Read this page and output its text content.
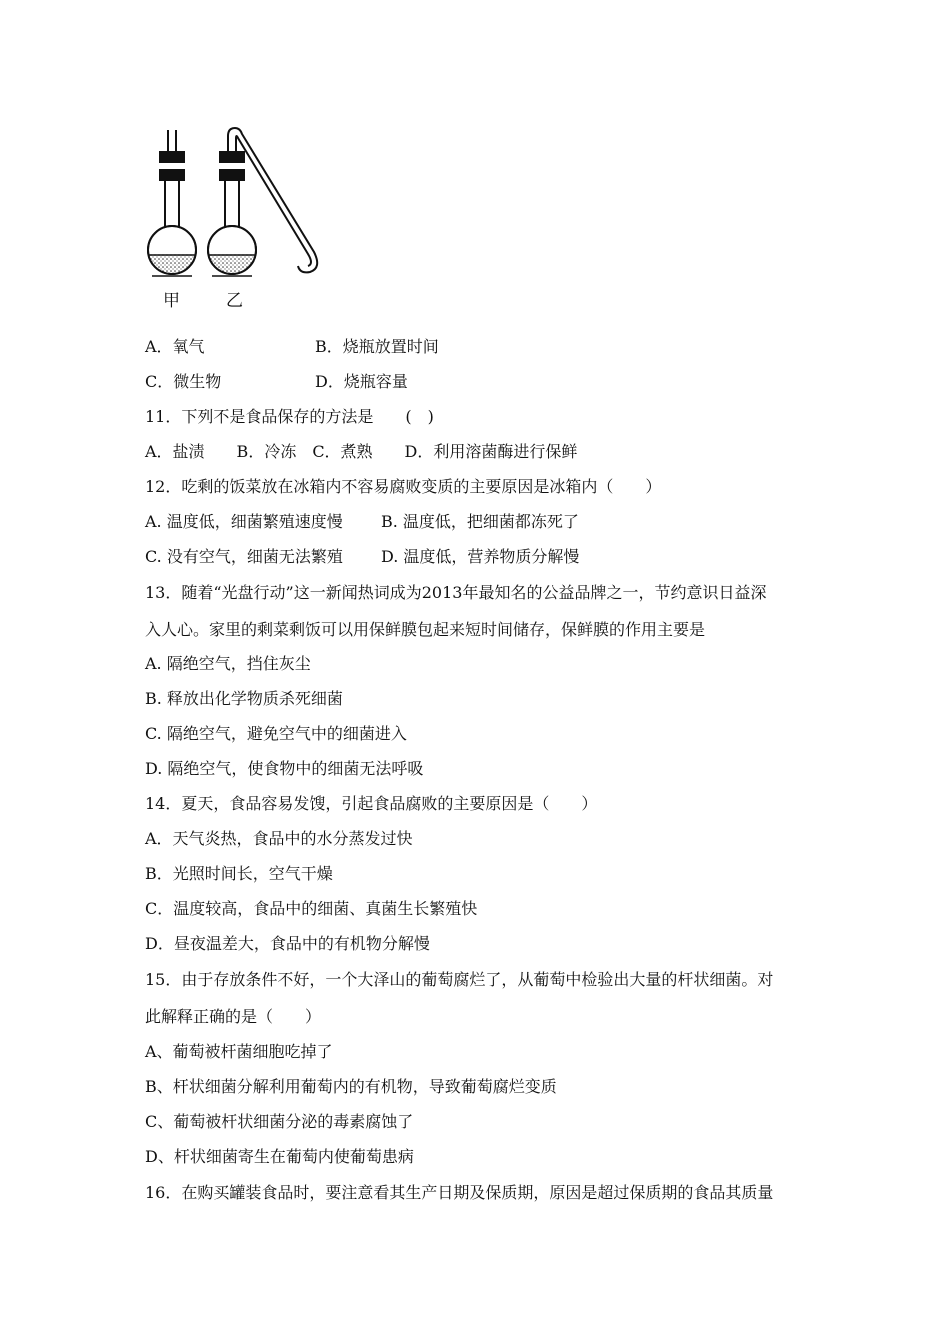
甲	乙
A．氧气	B．烧瓶放置时间
C．微生物	D．烧瓶容量
11．下列不是食品保存的方法是　　(　)
A．盐渍　　B．冷冻　C．煮熟　　D．利用溶菌酶进行保鲜
12．吃剩的饭菜放在冰箱内不容易腐败变质的主要原因是冰箱内（　　）
A. 温度低，细菌繁殖速度慢 B. 温度低，把细菌都冻死了
C. 没有空气，细菌无法繁殖 D. 温度低，营养物质分解慢
13．随着“光盘行动”这一新闻热词成为2013年最知名的公益品牌之一，节约意识日益深
入人心。家里的剩菜剩饭可以用保鲜膜包起来短时间储存，保鲜膜的作用主要是
A. 隔绝空气，挡住灰尘
B. 释放出化学物质杀死细菌
C. 隔绝空气，避免空气中的细菌进入
D. 隔绝空气，使食物中的细菌无法呼吸
14．夏天，食品容易发馊，引起食品腐败的主要原因是（　　）
A．天气炎热，食品中的水分蒸发过快
B．光照时间长，空气干燥
C．温度较高，食品中的细菌、真菌生长繁殖快
D．昼夜温差大，食品中的有机物分解慢
15．由于存放条件不好，一个大泽山的葡萄腐烂了，从葡萄中检验出大量的杆状细菌。对
此解释正确的是（　　）
A、葡萄被杆菌细胞吃掉了
B、杆状细菌分解利用葡萄内的有机物，导致葡萄腐烂变质
C、葡萄被杆状细菌分泌的毒素腐蚀了
D、杆状细菌寄生在葡萄内使葡萄患病
16．在购买罐装食品时，要注意看其生产日期及保质期，原因是超过保质期的食品其质量
